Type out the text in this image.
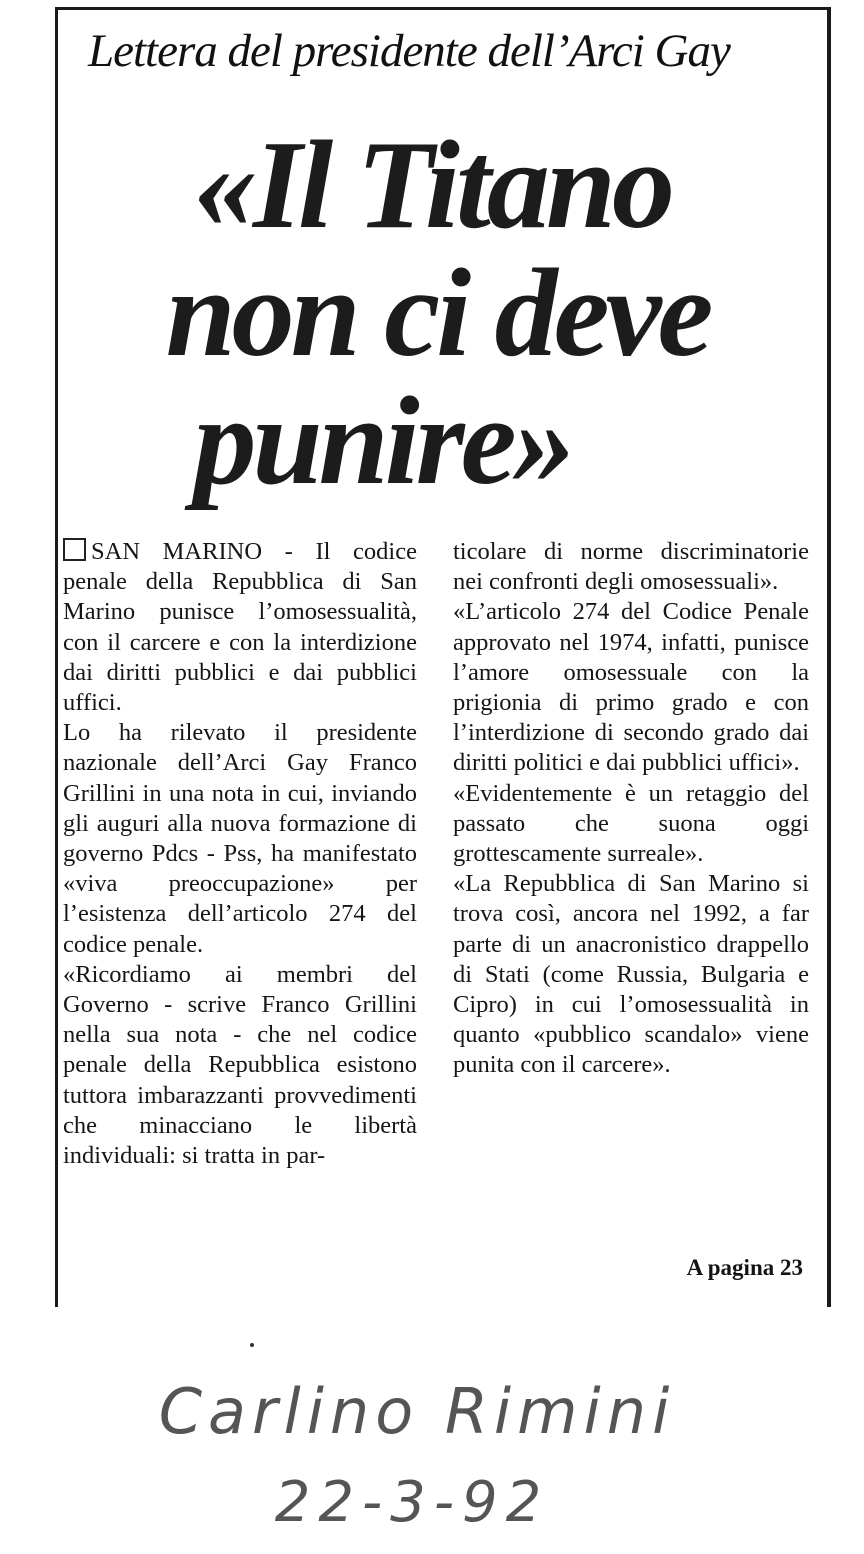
Lettera del presidente dell’Arci Gay
«Il Titano
non ci deve
punire»

SAN MARINO - Il codice penale della Repubblica di San Marino punisce l’omosessualità, con il carcere e con la interdizione dai diritti pubblici e dai pubblici uffici.

Lo ha rilevato il presidente nazionale dell’Arci Gay Franco Grillini in una nota in cui, inviando gli auguri alla nuova formazione di governo Pdcs - Pss, ha manifestato «viva preoccupazione» per l’esistenza dell’articolo 274 del codice penale.

«Ricordiamo ai membri del Governo - scrive Franco Grillini nella sua nota - che nel codice penale della Repubblica esistono tuttora imbarazzanti provvedimenti che minacciano le libertà individuali: si tratta in par-

ticolare di norme discriminatorie nei confronti degli omosessuali».

«L’articolo 274 del Codice Penale approvato nel 1974, infatti, punisce l’amore omosessuale con la prigionia di primo grado e con l’interdizione di secondo grado dai diritti politici e dai pubblici uffici».

«Evidentemente è un retaggio del passato che suona oggi grottescamente surreale».

«La Repubblica di San Marino si trova così, ancora nel 1992, a far parte di un anacronistico drappello di Stati (come Russia, Bulgaria e Cipro) in cui l’omosessualità in quanto «pubblico scandalo» viene punita con il carcere».

A pagina 23
Carlino Rimini
22-3-92
